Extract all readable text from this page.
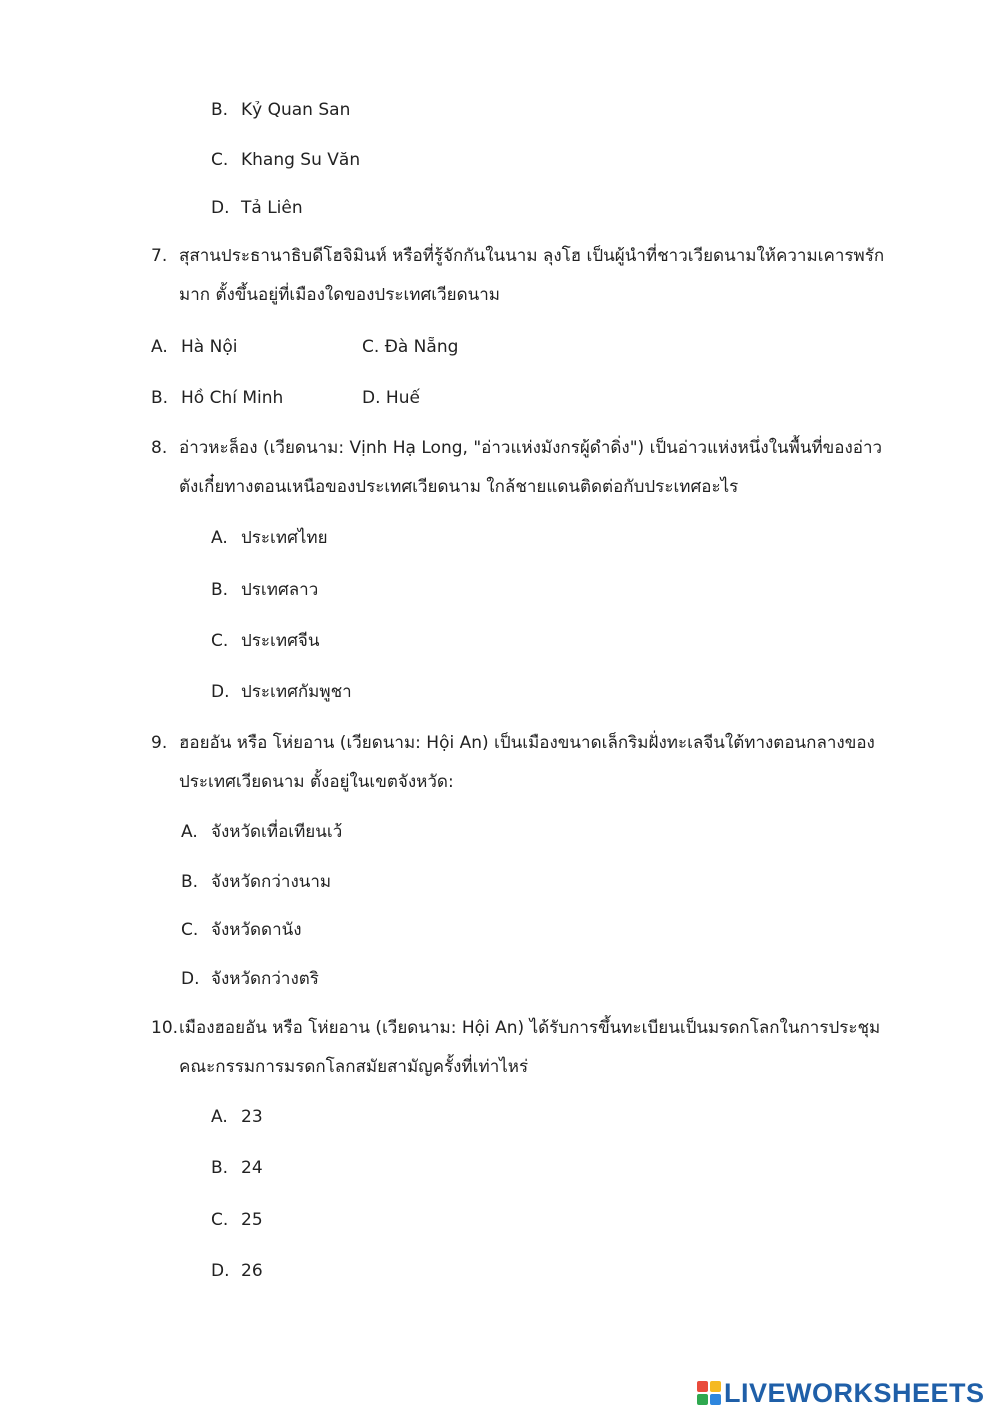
B. Kỷ Quan San
C. Khang Su Văn
D. Tả Liên
7. สุสานประธานาธิบดีโฮจิมินห์ หรือที่รู้จักกันในนาม ลุงโฮ เป็นผู้นำที่ชาวเวียดนามให้ความเคารพรัก
มาก ตั้งขึ้นอยู่ที่เมืองใดของประเทศเวียดนาม
A. Hà Nội	C. Đà Nẵng
B. Hồ Chí Minh	D. Huế
8. อ่าวหะล็อง (เวียดนาม: Vịnh Hạ Long, "อ่าวแห่งมังกรผู้ดำดิ่ง") เป็นอ่าวแห่งหนึ่งในพื้นที่ของอ่าว
ตังเกี๋ยทางตอนเหนือของประเทศเวียดนาม ใกล้ชายแดนติดต่อกับประเทศอะไร
A. ประเทศไทย
B. ปรเทศลาว
C. ประเทศจีน
D. ประเทศกัมพูชา
9. ฮอยอัน หรือ โห่ยอาน (เวียดนาม: Hội An) เป็นเมืองขนาดเล็กริมฝั่งทะเลจีนใต้ทางตอนกลางของ
ประเทศเวียดนาม ตั้งอยู่ในเขตจังหวัด:
A. จังหวัดเที่อเทียนเว้
B. จังหวัดกว่างนาม
C. จังหวัดดานัง
D. จังหวัดกว่างตริ
10.เมืองฮอยอัน หรือ โห่ยอาน (เวียดนาม: Hội An) ได้รับการขึ้นทะเบียนเป็นมรดกโลกในการประชุม
คณะกรรมการมรดกโลกสมัยสามัญครั้งที่เท่าไหร่
A. 23
B. 24
C. 25
D. 26
LIVEWORKSHEETS
